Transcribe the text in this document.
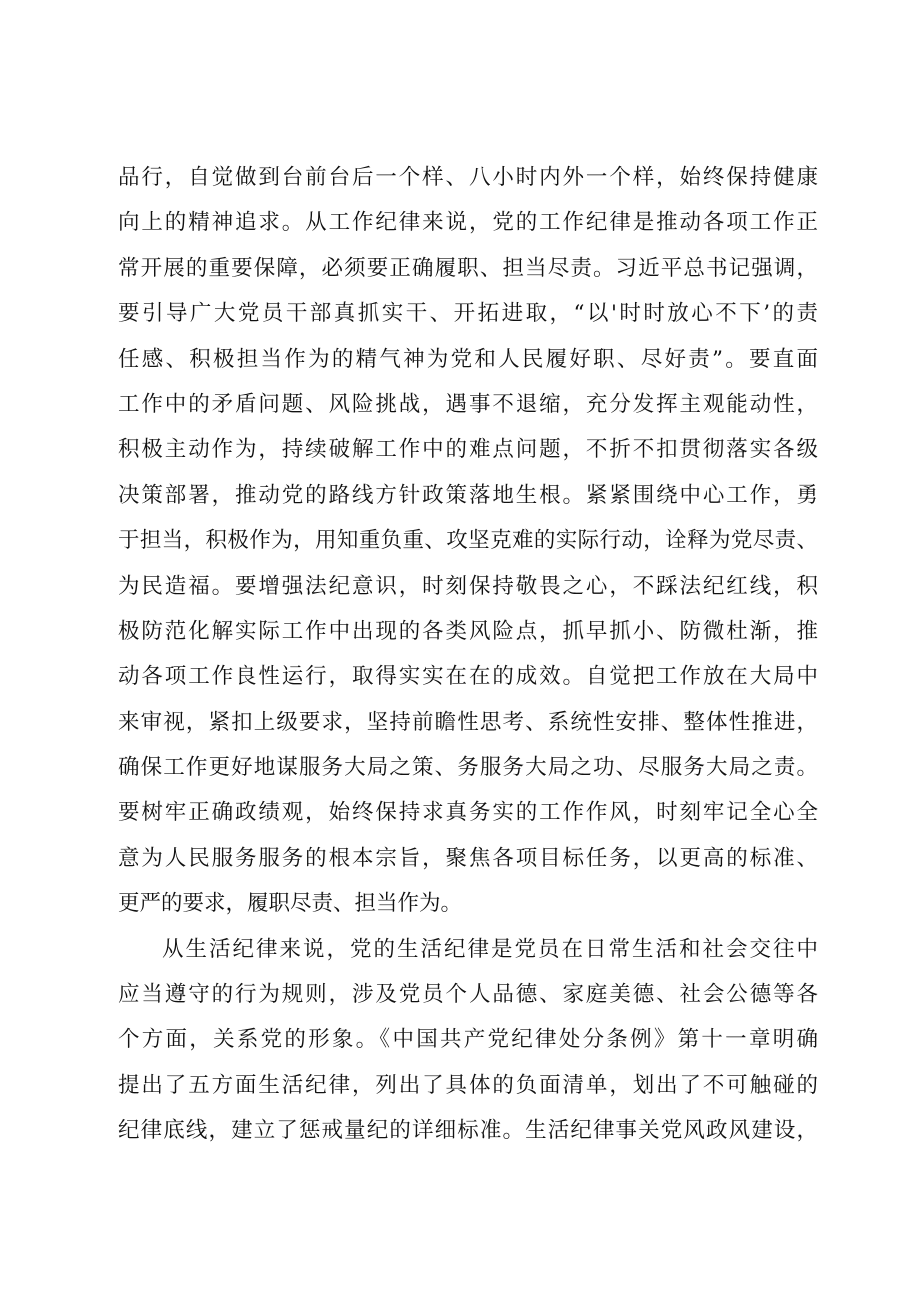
品行，自觉做到台前台后一个样、八小时内外一个样，始终保持健康
向上的精神追求。从工作纪律来说，党的工作纪律是推动各项工作正
常开展的重要保障，必须要正确履职、担当尽责。习近平总书记强调，
要引导广大党员干部真抓实干、开拓进取，“以'时时放心不下’的责
任感、积极担当作为的精气神为党和人民履好职、尽好责”。要直面
工作中的矛盾问题、风险挑战，遇事不退缩，充分发挥主观能动性，
积极主动作为，持续破解工作中的难点问题，不折不扣贯彻落实各级
决策部署，推动党的路线方针政策落地生根。紧紧围绕中心工作，勇
于担当，积极作为，用知重负重、攻坚克难的实际行动，诠释为党尽责、
为民造福。要增强法纪意识，时刻保持敬畏之心，不踩法纪红线，积
极防范化解实际工作中出现的各类风险点，抓早抓小、防微杜渐，推
动各项工作良性运行，取得实实在在的成效。自觉把工作放在大局中
来审视，紧扣上级要求，坚持前瞻性思考、系统性安排、整体性推进，
确保工作更好地谋服务大局之策、务服务大局之功、尽服务大局之责。
要树牢正确政绩观，始终保持求真务实的工作作风，时刻牢记全心全
意为人民服务服务的根本宗旨，聚焦各项目标任务，以更高的标准、
更严的要求，履职尽责、担当作为。
从生活纪律来说，党的生活纪律是党员在日常生活和社会交往中
应当遵守的行为规则，涉及党员个人品德、家庭美德、社会公德等各
个方面，关系党的形象。《中国共产党纪律处分条例》第十一章明确
提出了五方面生活纪律，列出了具体的负面清单，划出了不可触碰的
纪律底线，建立了惩戒量纪的详细标准。生活纪律事关党风政风建设，
